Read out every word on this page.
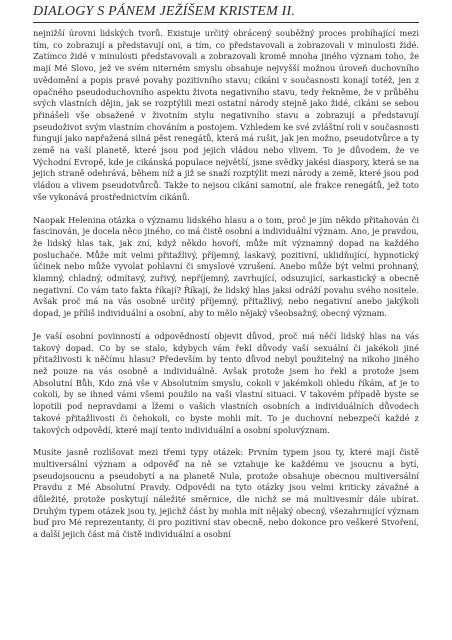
DIALOGY S PÁNEM JEŽÍŠEM KRISTEM II.

nejnižší úrovni lidských tvorů. Existuje určitý obrácený souběžný proces probíhající mezi tím, co zobrazují a představují oni, a tím, co představovali a zobrazovali v minulosti židé. Zatímco židé v minulosti představovali a zobrazovali kromě mnoha jiného význam toho, že mají Mé Slovo, jež ve svém niterném smyslu obsahuje nejvyšší možnou úroveň duchovního uvědomění a popis pravé povahy pozitivního stavu; cikáni v současnosti konají totéž, jen z opačného pseudoduchovního aspektu života negativního stavu, tedy řekněme, že v průběhu svých vlastních dějin, jak se rozptýlili mezi ostatní národy stejně jako židé, cikáni se sebou přinášeli vše obsažené v životním stylu negativního stavu a zobrazují a představují pseudoživot svým vlastním chováním a postojem. Vzhledem ke své zvláštní roli v současnosti fungují jako napřažená silná pěst renegátů, která má rušit, jak jen možno, pseudotvůrce a ty země na vaší planetě, které jsou pod jejich vládou nebo vlivem. To je důvodem, že ve Východní Evropě, kde je cikánská populace největší, jsme svědky jakési diaspory, která se na jejich straně odehrává, během níž a již se snaží rozptýlit mezi národy a země, které jsou pod vládou a vlivem pseudotvůrců. Takže to nejsou cikáni samotní, ale frakce renegátů, jež toto vše vykonává prostřednictvím cikánů.

Naopak Helenina otázka o významu lidského hlasu a o tom, proč je jím někdo přitahován či fascinován, je docela něco jiného, co má čistě osobní a individuální význam. Ano, je pravdou, že lidský hlas tak, jak zní, když někdo hovoří, může mít významný dopad na každého posluchače. Může mít velmi přitažlivý, příjemný, laskavý, pozitivní, uklidňující, hypnotický účinek nebo může vyvolat pohlavní či smyslové vzrušení. Anebo může být velmi prohnaný, klamný, chladný, odmítavý, zuřivý, nepříjemný, zavrhující, odsuzující, sarkastický a obecně negativní. Co vám tato fakta říkají? Říkají, že lidský hlas jaksi odráží povahu svého nositele. Avšak proč má na vás osobně určitý příjemný, přitažlivý, nebo negativní anebo jakýkoli dopad, je příliš individuální a osobní, aby to mělo nějaký všeobsažný, obecný význam.

Je vaší osobní povinností a odpovědností objevit důvod, proč má něčí lidský hlas na vás takový dopad. Co by se stalo, kdybych vám řekl důvody vaší sexuální či jakékoli jiné přitažlivosti k něčímu hlasu? Především by tento důvod nebyl použitelný na nikoho jiného než pouze na vás osobně a individuálně. Avšak protože jsem ho řekl a protože jsem Absolutní Bůh, Kdo zná vše v Absolutním smyslu, cokoli v jakémkoli ohledu říkám, ať je to cokoli, by se ihned vámi všemi použilo na vaši vlastní situaci. V takovém případě byste se lopotili pod nepravdami a lžemi o vašich vlastních osobních a individuálních důvodech takové přitažlivosti či čehokoli, co byste mohli mít. To je duchovní nebezpečí každé z takových odpovědí, které mají tento individuální a osobní spoluvýznam.

Musíte jasně rozlišovat mezi třemi typy otázek: Prvním typem jsou ty, které mají čistě multiversální význam a odpověď na ně se vztahuje ke každému ve jsoucnu a bytí, pseudojsoucnu a pseudobytí a na planetě Nula, protože obsahuje obecnou multiversální Pravdu z Mé Absolutní Pravdy. Odpovědi na tyto otázky jsou velmi kriticky závažné a důležité, protože poskytují náležité směrnice, dle nichž se má multivesmír dále ubírat. Druhým typem otázek jsou ty, jejichž část by mohla mít nějaký obecný, všezahrnující význam buď pro Mé reprezentanty, či pro pozitivní stav obecně, nebo dokonce pro veškeré Stvoření, a další jejich část má čistě individuální a osobní
